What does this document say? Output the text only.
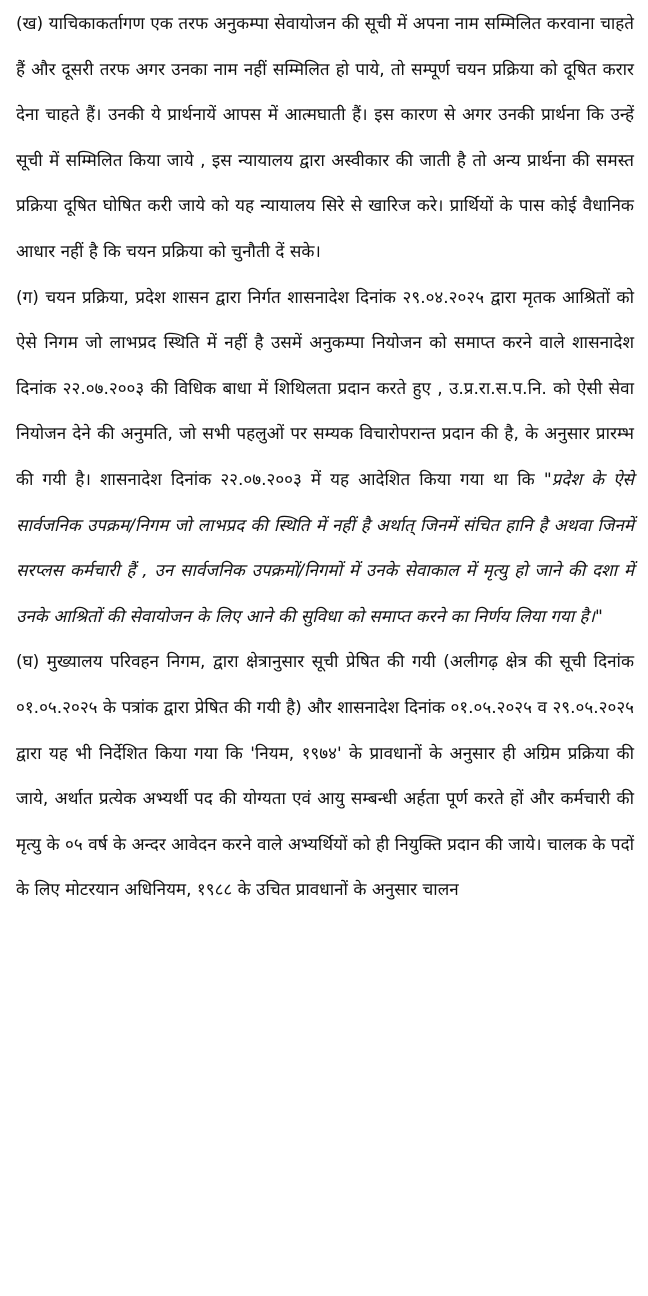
(ख) याचिकाकर्तागण एक तरफ अनुकम्पा सेवायोजन की सूची में अपना नाम सम्मिलित करवाना चाहते हैं और दूसरी तरफ अगर उनका नाम नहीं सम्मिलित हो पाये, तो सम्पूर्ण चयन प्रक्रिया को दूषित करार देना चाहते हैं। उनकी ये प्रार्थनायें आपस में आत्मघाती हैं। इस कारण से अगर उनकी प्रार्थना कि उन्हें सूची में सम्मिलित किया जाये , इस न्यायालय द्वारा अस्वीकार की जाती है तो अन्य प्रार्थना की समस्त प्रक्रिया दूषित घोषित करी जाये को यह न्यायालय सिरे से खारिज करे। प्रार्थियों के पास कोई वैधानिक आधार नहीं है कि चयन प्रक्रिया को चुनौती दें सके।

(ग) चयन प्रक्रिया, प्रदेश शासन द्वारा निर्गत शासनादेश दिनांक २९.०४.२०२५ द्वारा मृतक आश्रितों को ऐसे निगम जो लाभप्रद स्थिति में नहीं है उसमें अनुकम्पा नियोजन को समाप्त करने वाले शासनादेश दिनांक २२.०७.२००३ की विधिक बाधा में शिथिलता प्रदान करते हुए , उ.प्र.रा.स.प.नि. को ऐसी सेवा नियोजन देने की अनुमति, जो सभी पहलुओं पर सम्यक विचारोपरान्त प्रदान की है, के अनुसार प्रारम्भ की गयी है। शासनादेश दिनांक २२.०७.२००३ में यह आदेशित किया गया था कि "प्रदेश के ऐसे सार्वजनिक उपक्रम/निगम जो लाभप्रद की स्थिति में नहीं है अर्थात् जिनमें संचित हानि है अथवा जिनमें सरप्लस कर्मचारी हैं , उन सार्वजनिक उपक्रमों/निगमों में उनके सेवाकाल में मृत्यु हो जाने की दशा में उनके आश्रितों की सेवायोजन के लिए आने की सुविधा को समाप्त करने का निर्णय लिया गया है।"

(घ) मुख्यालय परिवहन निगम, द्वारा क्षेत्रानुसार सूची प्रेषित की गयी (अलीगढ़ क्षेत्र की सूची दिनांक ०१.०५.२०२५ के पत्रांक द्वारा प्रेषित की गयी है) और शासनादेश दिनांक ०१.०५.२०२५ व २९.०५.२०२५ द्वारा यह भी निर्देशित किया गया कि 'नियम, १९७४' के प्रावधानों के अनुसार ही अग्रिम प्रक्रिया की जाये, अर्थात प्रत्येक अभ्यर्थी पद की योग्यता एवं आयु सम्बन्धी अर्हता पूर्ण करते हों और कर्मचारी की मृत्यु के ०५ वर्ष के अन्दर आवेदन करने वाले अभ्यर्थियों को ही नियुक्ति प्रदान की जाये। चालक के पदों के लिए मोटरयान अधिनियम, १९८८ के उचित प्रावधानों के अनुसार चालन
